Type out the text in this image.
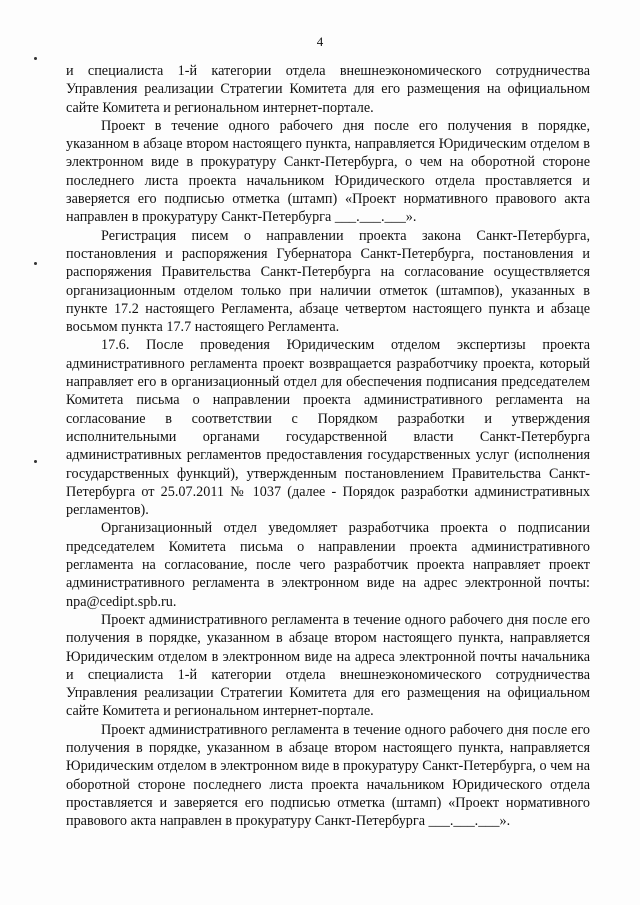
4

и специалиста 1-й категории отдела внешнеэкономического сотрудничества Управления реализации Стратегии Комитета для его размещения на официальном сайте Комитета и региональном интернет-портале.

Проект в течение одного рабочего дня после его получения в порядке, указанном в абзаце втором настоящего пункта, направляется Юридическим отделом в электронном виде в прокуратуру Санкт-Петербурга, о чем на оборотной стороне последнего листа проекта начальником Юридического отдела проставляется и заверяется его подписью отметка (штамп) «Проект нормативного правового акта направлен в прокуратуру Санкт-Петербурга ___.___.___».

Регистрация писем о направлении проекта закона Санкт-Петербурга, постановления и распоряжения Губернатора Санкт-Петербурга, постановления и распоряжения Правительства Санкт-Петербурга на согласование осуществляется организационным отделом только при наличии отметок (штампов), указанных в пункте 17.2 настоящего Регламента, абзаце четвертом настоящего пункта и абзаце восьмом пункта 17.7 настоящего Регламента.

17.6. После проведения Юридическим отделом экспертизы проекта административного регламента проект возвращается разработчику проекта, который направляет его в организационный отдел для обеспечения подписания председателем Комитета письма о направлении проекта административного регламента на согласование в соответствии с Порядком разработки и утверждения исполнительными органами государственной власти Санкт-Петербурга административных регламентов предоставления государственных услуг (исполнения государственных функций), утвержденным постановлением Правительства Санкт-Петербурга от 25.07.2011 № 1037 (далее - Порядок разработки административных регламентов).

Организационный отдел уведомляет разработчика проекта о подписании председателем Комитета письма о направлении проекта административного регламента на согласование, после чего разработчик проекта направляет проект административного регламента в электронном виде на адрес электронной почты: npa@cedipt.spb.ru.

Проект административного регламента в течение одного рабочего дня после его получения в порядке, указанном в абзаце втором настоящего пункта, направляется Юридическим отделом в электронном виде на адреса электронной почты начальника и специалиста 1-й категории отдела внешнеэкономического сотрудничества Управления реализации Стратегии Комитета для его размещения на официальном сайте Комитета и региональном интернет-портале.

Проект административного регламента в течение одного рабочего дня после его получения в порядке, указанном в абзаце втором настоящего пункта, направляется Юридическим отделом в электронном виде в прокуратуру Санкт-Петербурга, о чем на оборотной стороне последнего листа проекта начальником Юридического отдела проставляется и заверяется его подписью отметка (штамп) «Проект нормативного правового акта направлен в прокуратуру Санкт-Петербурга ___.___.___».
